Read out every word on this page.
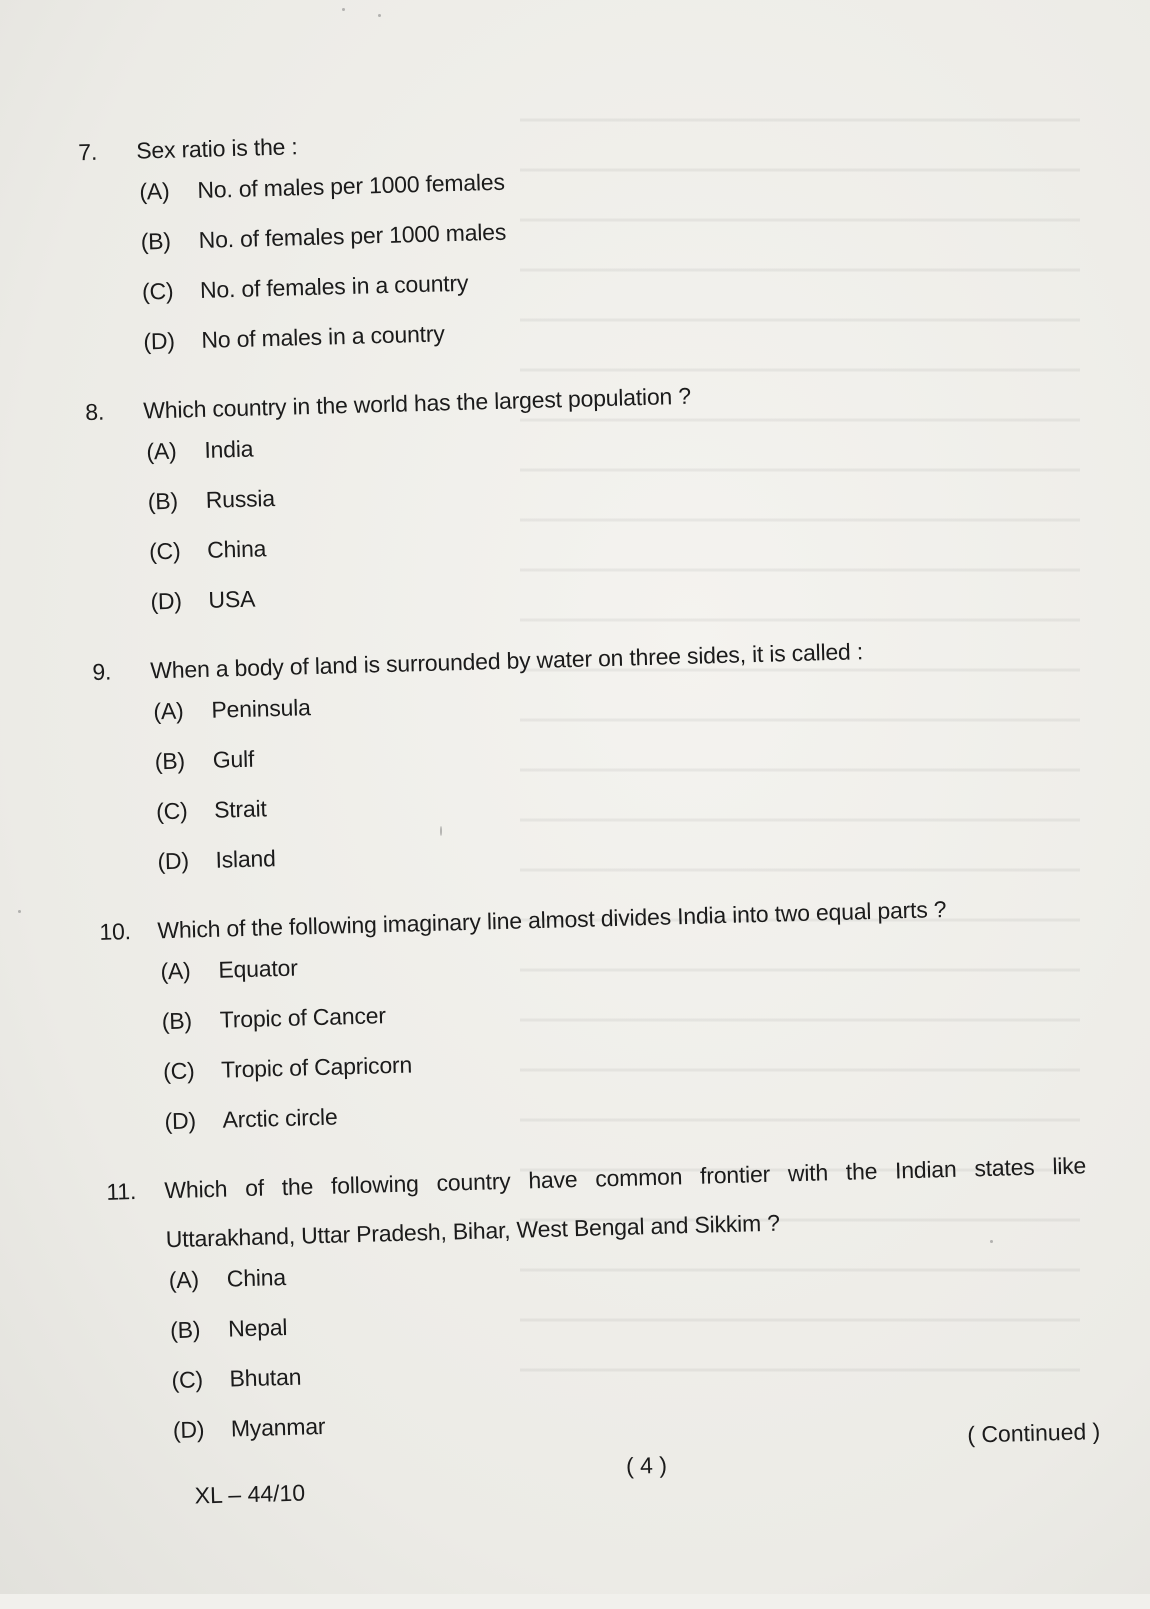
7.	Sex ratio is the :
(A)	No. of males per 1000 females
(B)	No. of females per 1000 males
(C)	No. of females in a country
(D)	No of males in a country
8.	Which country in the world has the largest population ?
(A)	India
(B)	Russia
(C)	China
(D)	USA
9.	When a body of land is surrounded by water on three sides, it is called :
(A)	Peninsula
(B)	Gulf
(C)	Strait
(D)	Island
10.	Which of the following imaginary line almost divides India into two equal parts ?
(A)	Equator
(B)	Tropic of Cancer
(C)	Tropic of Capricorn
(D)	Arctic circle
11.	Which of the following country have common frontier with the Indian states like
Uttarakhand, Uttar Pradesh, Bihar, West Bengal and Sikkim ?
(A)	China
(B)	Nepal
(C)	Bhutan
(D)	Myanmar
XL – 44/10
( 4 )
( Continued )
